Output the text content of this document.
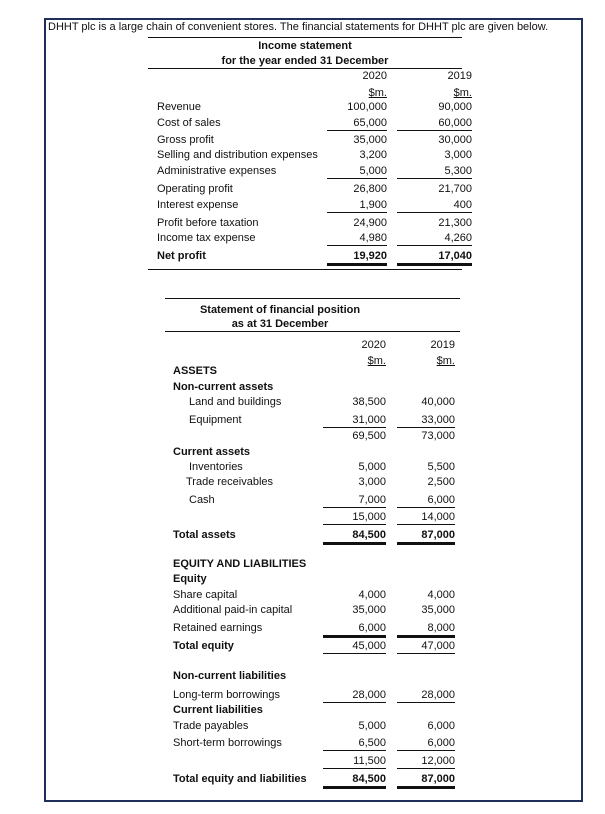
DHHT plc is a large chain of convenient stores. The financial statements for DHHT plc are given below.
Income statement
for the year ended 31 December
2020	2019
$m.	$m.
Revenue	100,000	90,000
Cost of sales	65,000	60,000
Gross profit	35,000	30,000
Selling and distribution expenses	3,200	3,000
Administrative expenses	5,000	5,300
Operating profit	26,800	21,700
Interest expense	1,900	400
Profit before taxation	24,900	21,300
Income tax expense	4,980	4,260
Net profit	19,920	17,040
Statement of financial position
as at 31 December
2020	2019
$m.	$m.
ASSETS
Non-current assets
Land and buildings	38,500	40,000
Equipment	31,000	33,000
69,500	73,000
Current assets
Inventories	5,000	5,500
Trade receivables	3,000	2,500
Cash	7,000	6,000
15,000	14,000
Total assets	84,500	87,000
EQUITY AND LIABILITIES
Equity
Share capital	4,000	4,000
Additional paid-in capital	35,000	35,000
Retained earnings	6,000	8,000
Total equity	45,000	47,000
Non-current liabilities
Long-term borrowings	28,000	28,000
Current liabilities
Trade payables	5,000	6,000
Short-term borrowings	6,500	6,000
11,500	12,000
Total equity and liabilities	84,500	87,000
